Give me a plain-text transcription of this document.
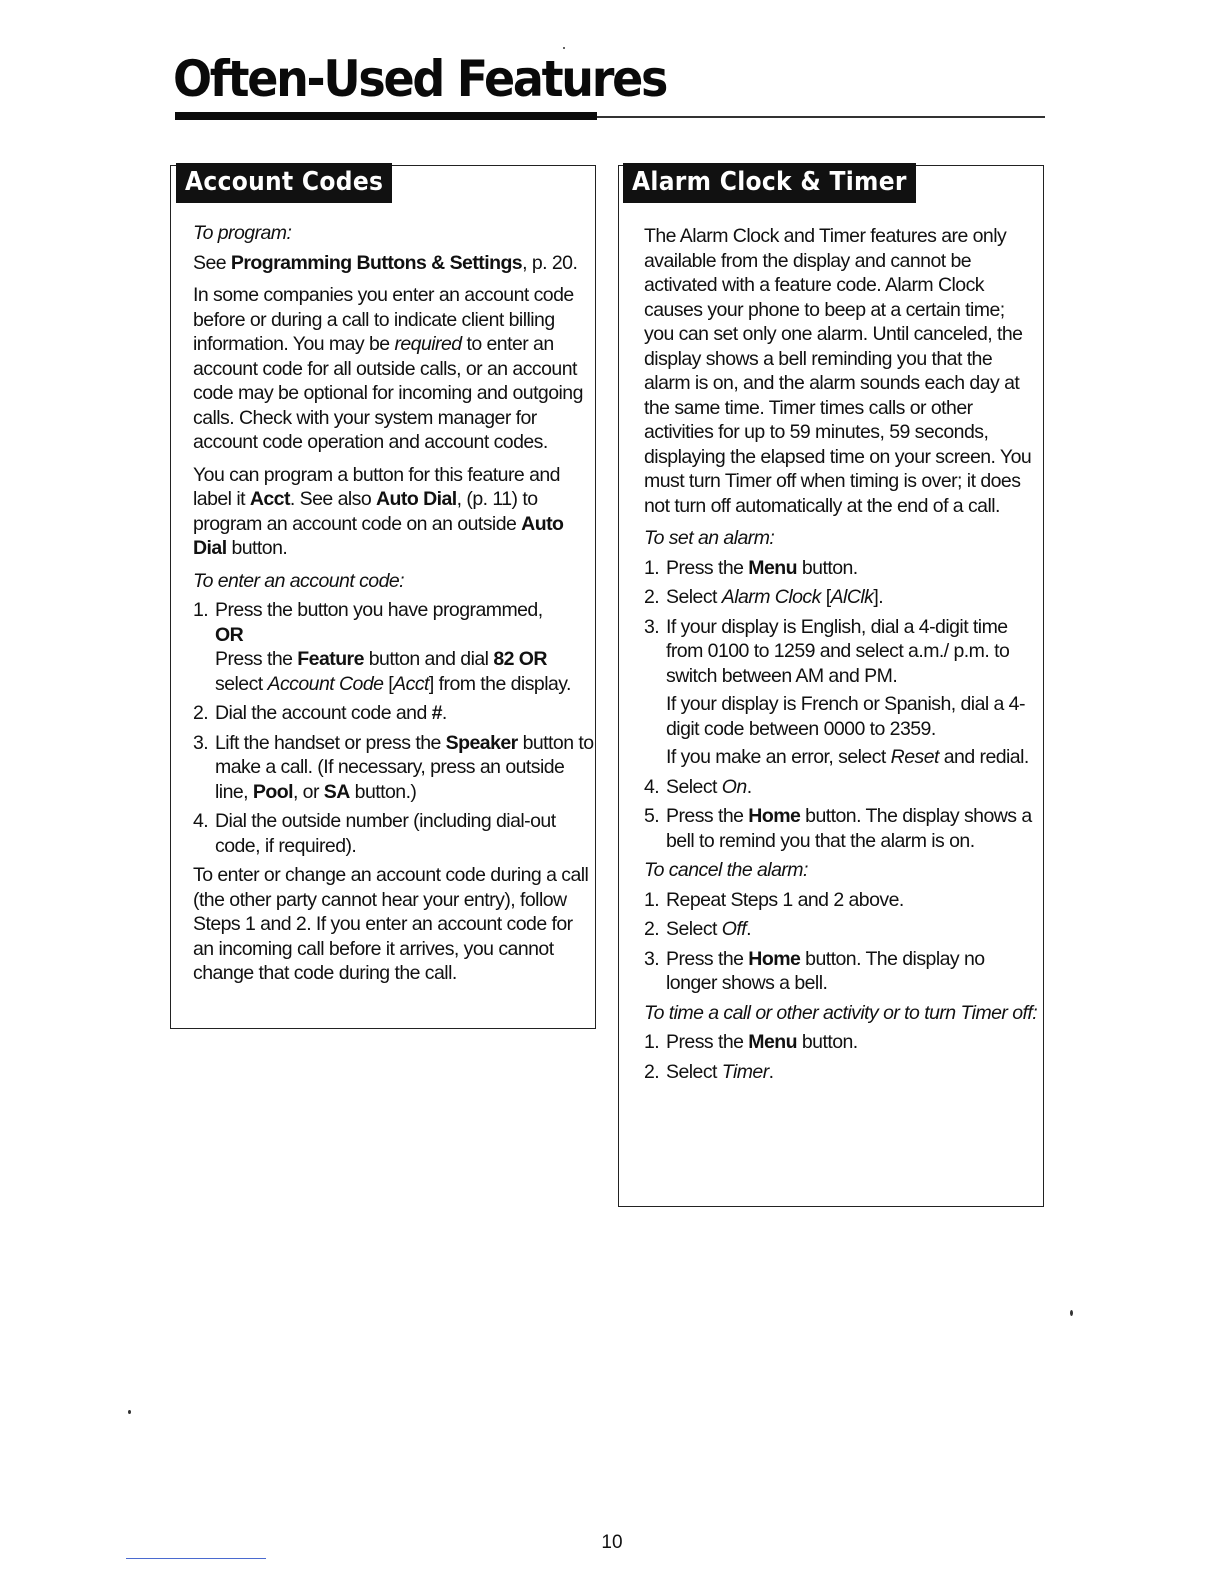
Often-Used Features
Account Codes

To program:

See Programming Buttons & Settings, p. 20.

In some companies you enter an account code before or during a call to indicate client billing information. You may be required to enter an account code for all outside calls, or an account code may be optional for incoming and outgoing calls. Check with your system manager for account code operation and account codes.

You can program a button for this feature and label it Acct. See also Auto Dial, (p. 11) to program an account code on an outside Auto Dial button.

To enter an account code:

1. Press the button you have programmed,
OR
Press the Feature button and dial 82 OR select Account Code [Acct] from the display.

2. Dial the account code and #.
3. Lift the handset or press the Speaker button to make a call. (If necessary, press an outside line, Pool, or SA button.)
4. Dial the outside number (including dial-out code, if required).

To enter or change an account code during a call (the other party cannot hear your entry), follow Steps 1 and 2. If you enter an account code for an incoming call before it arrives, you cannot change that code during the call.

Alarm Clock & Timer

The Alarm Clock and Timer features are only available from the display and cannot be activated with a feature code. Alarm Clock causes your phone to beep at a certain time; you can set only one alarm. Until canceled, the display shows a bell reminding you that the alarm is on, and the alarm sounds each day at the same time. Timer times calls or other activities for up to 59 minutes, 59 seconds, displaying the elapsed time on your screen. You must turn Timer off when timing is over; it does not turn off automatically at the end of a call.

To set an alarm:

1. Press the Menu button.
2. Select Alarm Clock [AlClk].
3. If your display is English, dial a 4-digit time from 0100 to 1259 and select a.m./ p.m. to switch between AM and PM.

If your display is French or Spanish, dial a 4-digit code between 0000 to 2359.

If you make an error, select Reset and redial.

4. Select On.
5. Press the Home button. The display shows a bell to remind you that the alarm is on.

To cancel the alarm:

1. Repeat Steps 1 and 2 above.
2. Select Off.
3. Press the Home button. The display no longer shows a bell.

To time a call or other activity or to turn Timer off:

1. Press the Menu button.
2. Select Timer.
10
